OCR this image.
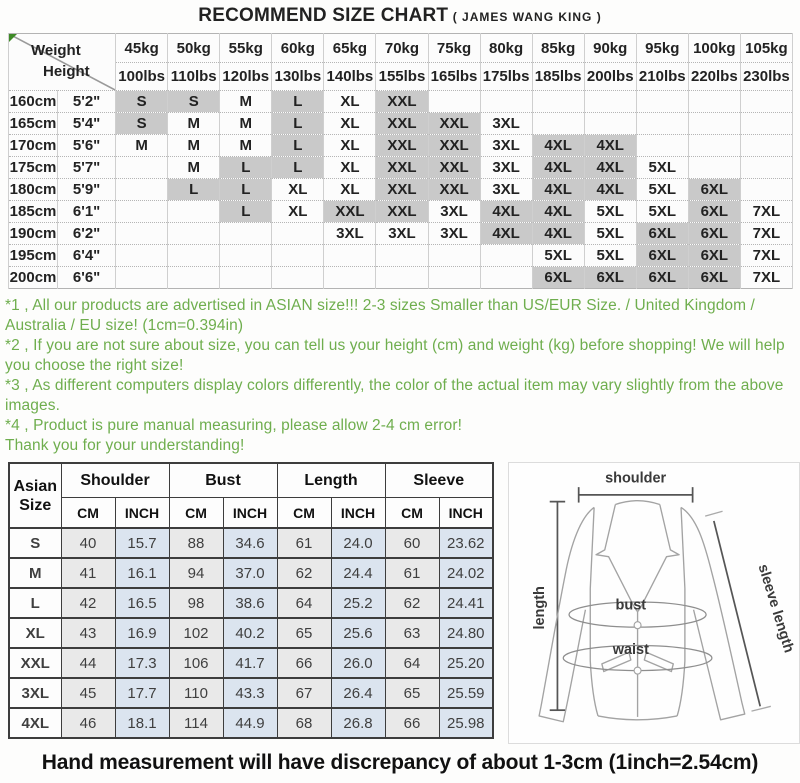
RECOMMEND SIZE CHART ( JAMES WANG KING )
Weight
Height		45kg	50kg	55kg	60kg	65kg	70kg	75kg	80kg	85kg	90kg	95kg	100kg	105kg
		100lbs	110lbs	120lbs	130lbs	140lbs	155lbs	165lbs	175lbs	185lbs	200lbs	210lbs	220lbs	230lbs
160cm	5'2"	S	S	M	L	XL	XXL							
165cm	5'4"	S	M	M	L	XL	XXL	XXL	3XL					
170cm	5'6"	M	M	M	L	XL	XXL	XXL	3XL	4XL	4XL			
175cm	5'7"		M	L	L	XL	XXL	XXL	3XL	4XL	4XL	5XL		
180cm	5'9"		L	L	XL	XL	XXL	XXL	3XL	4XL	4XL	5XL	6XL	
185cm	6'1"			L	XL	XXL	XXL	3XL	4XL	4XL	5XL	5XL	6XL	7XL
190cm	6'2"					3XL	3XL	3XL	4XL	4XL	5XL	6XL	6XL	7XL
195cm	6'4"									5XL	5XL	6XL	6XL	7XL
200cm	6'6"									6XL	6XL	6XL	6XL	7XL

*1 , All our products are advertised in ASIAN size!!! 2-3 sizes Smaller than US/EUR Size. / United Kingdom / Australia / EU size! (1cm=0.394in)

*2 , If you are not sure about size, you can tell us your height (cm) and weight (kg) before shopping! We will help you choose the right size!

*3 , As different computers display colors differently, the color of the actual item may vary slightly from the above images.

*4 , Product is pure manual measuring, please allow 2-4 cm error!

Thank you for your understanding!

Asian
Size	Shoulder		Bust		Length		Sleeve	
	CM	INCH	CM	INCH	CM	INCH	CM	INCH
S	40	15.7	88	34.6	61	24.0	60	23.62
M	41	16.1	94	37.0	62	24.4	61	24.02
L	42	16.5	98	38.6	64	25.2	62	24.41
XL	43	16.9	102	40.2	65	25.6	63	24.80
XXL	44	17.3	106	41.7	66	26.0	64	25.20
3XL	45	17.7	110	43.3	67	26.4	65	25.59
4XL	46	18.1	114	44.9	68	26.8	66	25.98
shoulder
length	sleeve length
bust
waist
Hand measurement will have discrepancy of about 1-3cm (1inch=2.54cm)
